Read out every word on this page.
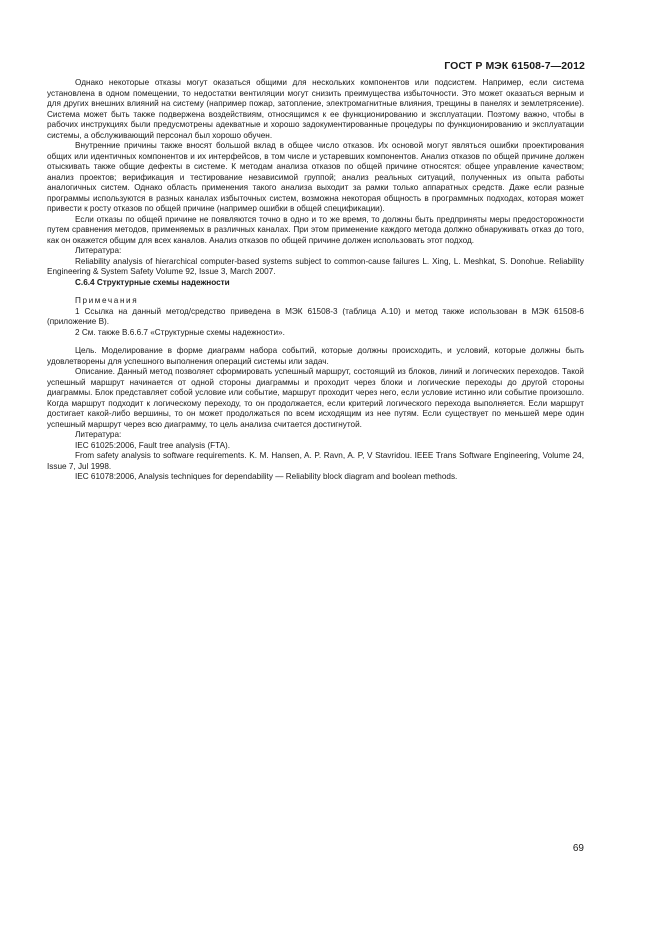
ГОСТ Р МЭК 61508-7—2012

Однако некоторые отказы могут оказаться общими для нескольких компонентов или подсистем. Например, если система установлена в одном помещении, то недостатки вентиляции могут снизить преимущества избыточности. Это может оказаться верным и для других внешних влияний на систему (например пожар, затопление, электромагнитные влияния, трещины в панелях и землетрясение). Система может быть также подвержена воздействиям, относящимся к ее функционированию и эксплуатации. Поэтому важно, чтобы в рабочих инструкциях были предусмотрены адекватные и хорошо задокументированные процедуры по функционированию и эксплуатации системы, а обслуживающий персонал был хорошо обучен.

Внутренние причины также вносят большой вклад в общее число отказов. Их основой могут являться ошибки проектирования общих или идентичных компонентов и их интерфейсов, в том числе и устаревших компонентов. Анализ отказов по общей причине должен отыскивать также общие дефекты в системе. К методам анализа отказов по общей причине относятся: общее управление качеством; анализ проектов; верификация и тестирование независимой группой; анализ реальных ситуаций, полученных из опыта работы аналогичных систем. Однако область применения такого анализа выходит за рамки только аппаратных средств. Даже если разные программы используются в разных каналах избыточных систем, возможна некоторая общность в программных подходах, которая может привести к росту отказов по общей причине (например ошибки в общей спецификации).

Если отказы по общей причине не появляются точно в одно и то же время, то должны быть предприняты меры предосторожности путем сравнения методов, применяемых в различных каналах. При этом применение каждого метода должно обнаруживать отказ до того, как он окажется общим для всех каналов. Анализ отказов по общей причине должен использовать этот подход.

Литература:

Reliability analysis of hierarchical computer-based systems subject to common-cause failures L. Xing, L. Meshkat, S. Donohue. Reliability Engineering & System Safety Volume 92, Issue 3, March 2007.

С.6.4 Структурные схемы надежности

Примечания

1 Ссылка на данный метод/средство приведена в МЭК 61508-3 (таблица А.10) и метод также использован в МЭК 61508-6 (приложение В).

2 См. также В.6.6.7 «Структурные схемы надежности».

Цель. Моделирование в форме диаграмм набора событий, которые должны происходить, и условий, которые должны быть удовлетворены для успешного выполнения операций системы или задач.

Описание. Данный метод позволяет сформировать успешный маршрут, состоящий из блоков, линий и логических переходов. Такой успешный маршрут начинается от одной стороны диаграммы и проходит через блоки и логические переходы до другой стороны диаграммы. Блок представляет собой условие или событие, маршрут проходит через него, если условие истинно или событие произошло. Когда маршрут подходит к логическому переходу, то он продолжается, если критерий логического перехода выполняется. Если маршрут достигает какой-либо вершины, то он может продолжаться по всем исходящим из нее путям. Если существует по меньшей мере один успешный маршрут через всю диаграмму, то цель анализа считается достигнутой.

Литература:

IEC 61025:2006, Fault tree analysis (FTA).

From safety analysis to software requirements. K. M. Hansen, A. P. Ravn, A. P, V Stavridou. IEEE Trans Software Engineering, Volume 24, Issue 7, Jul 1998.

IEC 61078:2006, Analysis techniques for dependability — Reliability block diagram and boolean methods.

69
